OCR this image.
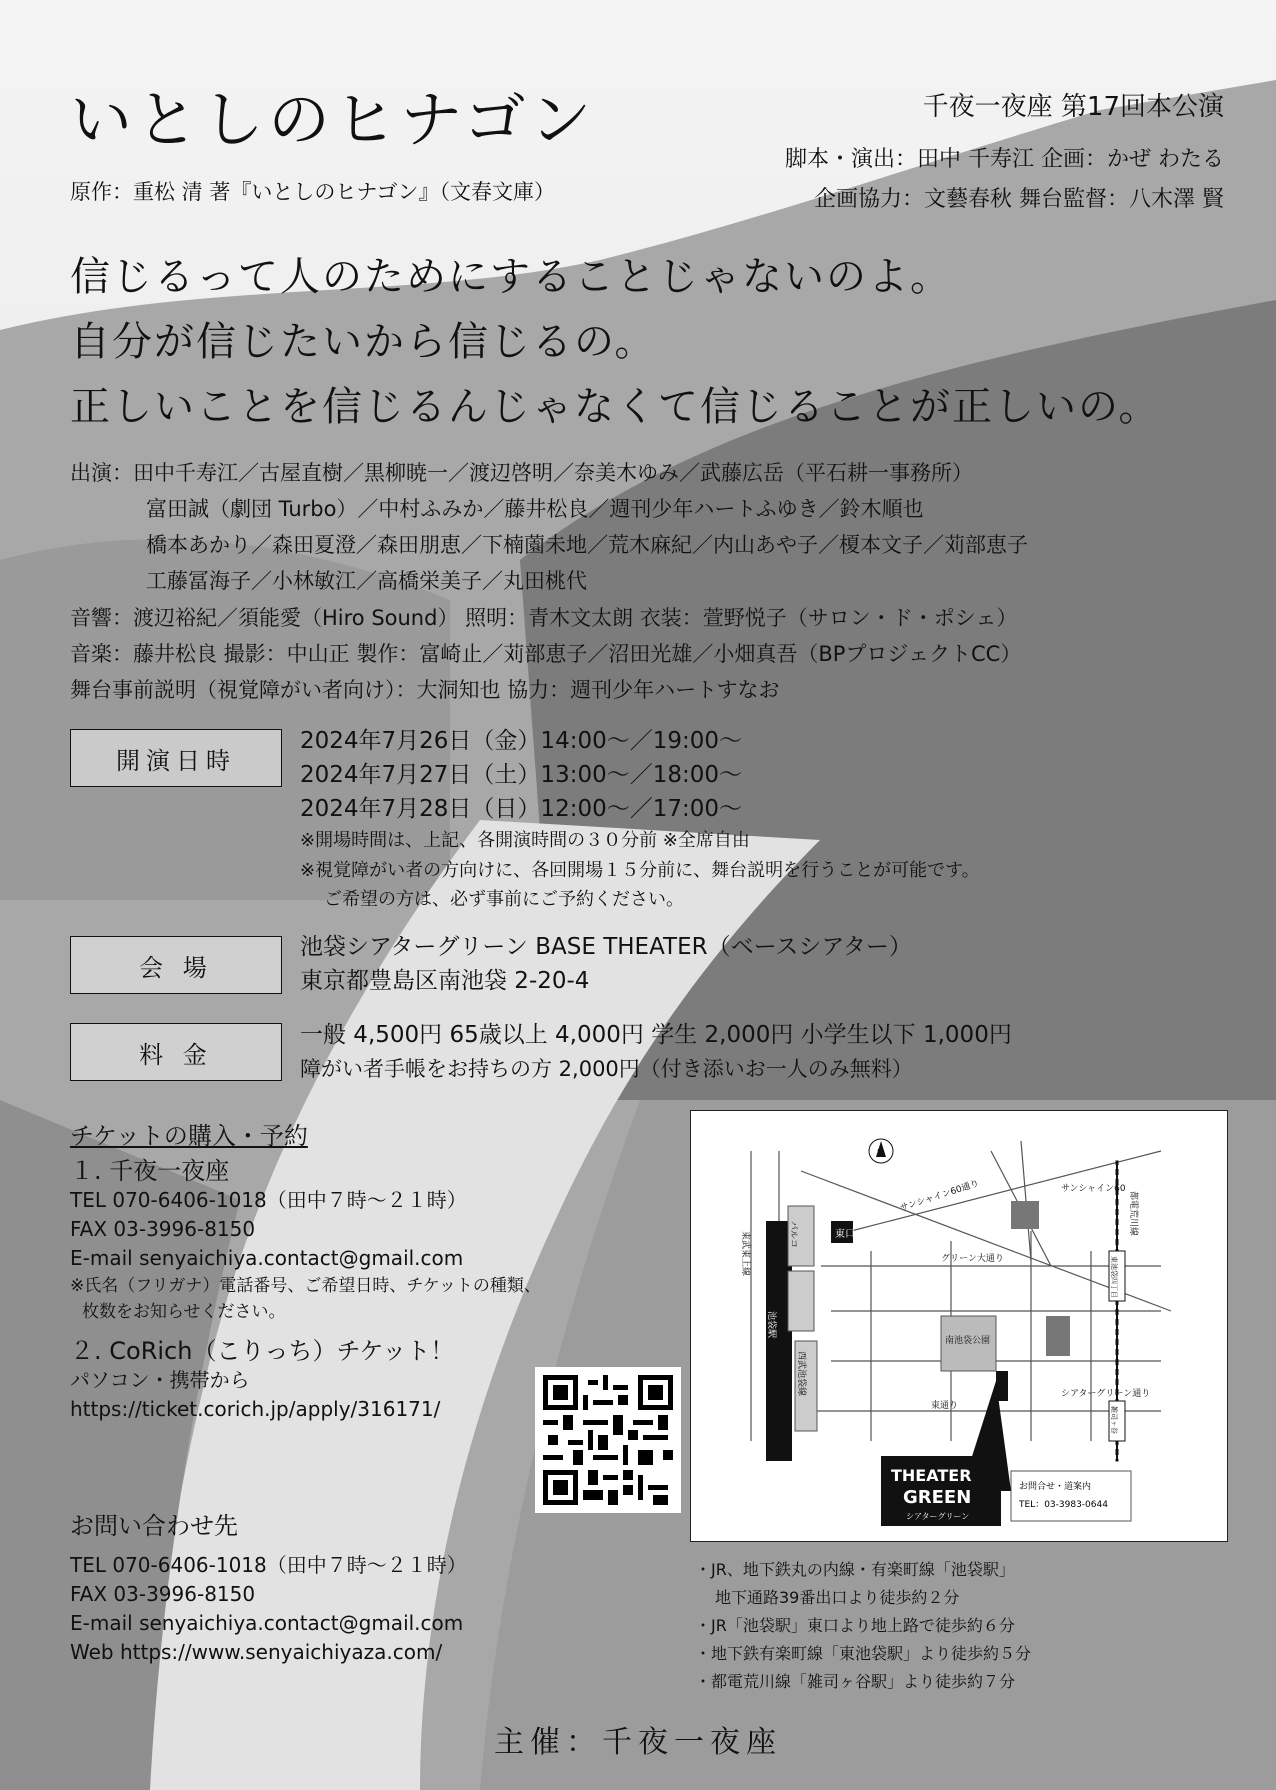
いとしのヒナゴン
原作：重松 清 著『いとしのヒナゴン』（文春文庫）
千夜一夜座 第17回本公演
脚本・演出：田中 千寿江 企画：かぜ わたる
企画協力：文藝春秋 舞台監督：八木澤 賢
信じるって人のためにすることじゃないのよ。
自分が信じたいから信じるの。
正しいことを信じるんじゃなくて信じることが正しいの。
出演：田中千寿江／古屋直樹／黒柳暁一／渡辺啓明／奈美木ゆみ／武藤広岳（平石耕一事務所）
富田誠（劇団 Turbo）／中村ふみか／藤井松良／週刊少年ハートふゆき／鈴木順也
橋本あかり／森田夏澄／森田朋恵／下楠薗未地／荒木麻紀／内山あや子／榎本文子／苅部恵子
工藤冨海子／小林敏江／高橋栄美子／丸田桃代
音響：渡辺裕紀／須能愛（Hiro Sound） 照明：青木文太朗 衣装：萱野悦子（サロン・ド・ポシェ）
音楽：藤井松良 撮影：中山正 製作：富崎止／苅部恵子／沼田光雄／小畑真吾（BPプロジェクトCC）
舞台事前説明（視覚障がい者向け）：大洞知也 協力：週刊少年ハートすなお
開演日時
2024年7月26日（金）14:00～／19:00～
2024年7月27日（土）13:00～／18:00～
2024年7月28日（日）12:00～／17:00～
※開場時間は、上記、各開演時間の３０分前 ※全席自由
※視覚障がい者の方向けに、各回開場１５分前に、舞台説明を行うことが可能です。
ご希望の方は、必ず事前にご予約ください。
会 場
池袋シアターグリーン BASE THEATER（ベースシアター）
東京都豊島区南池袋 2-20-4
料 金
一般 4,500円 65歳以上 4,000円 学生 2,000円 小学生以下 1,000円
障がい者手帳をお持ちの方 2,000円（付き添いお一人のみ無料）
チケットの購入・予約
１. 千夜一夜座
TEL 070-6406-1018（田中７時～２１時）
FAX 03-3996-8150
E-mail senyaichiya.contact@gmail.com
※氏名（フリガナ）電話番号、ご希望日時、チケットの種類、
枚数をお知らせください。
２. CoRich（こりっち）チケット！
パソコン・携帯から
https://ticket.corich.jp/apply/316171/
お問い合わせ先
TEL 070-6406-1018（田中７時～２１時）
FAX 03-3996-8150
E-mail senyaichiya.contact@gmail.com
Web https://www.senyaichiyaza.com/
サンシャイン60通り	サンシャイン60
グリーン大通り
東通り
シアターグリーン通り
東口
南池袋公園
N
パルコ
池袋駅
東武東上線
西武池袋線
都電荒川線
東池袋四丁目
雑司ヶ谷
THEATER
GREEN
シアターグリーン
お問合せ・道案内
TEL：03-3983-0644
・JR、地下鉄丸の内線・有楽町線「池袋駅」
地下通路39番出口より徒歩約２分
・JR「池袋駅」東口より地上路で徒歩約６分
・地下鉄有楽町線「東池袋駅」より徒歩約５分
・都電荒川線「雑司ヶ谷駅」より徒歩約７分
主催：千夜一夜座
